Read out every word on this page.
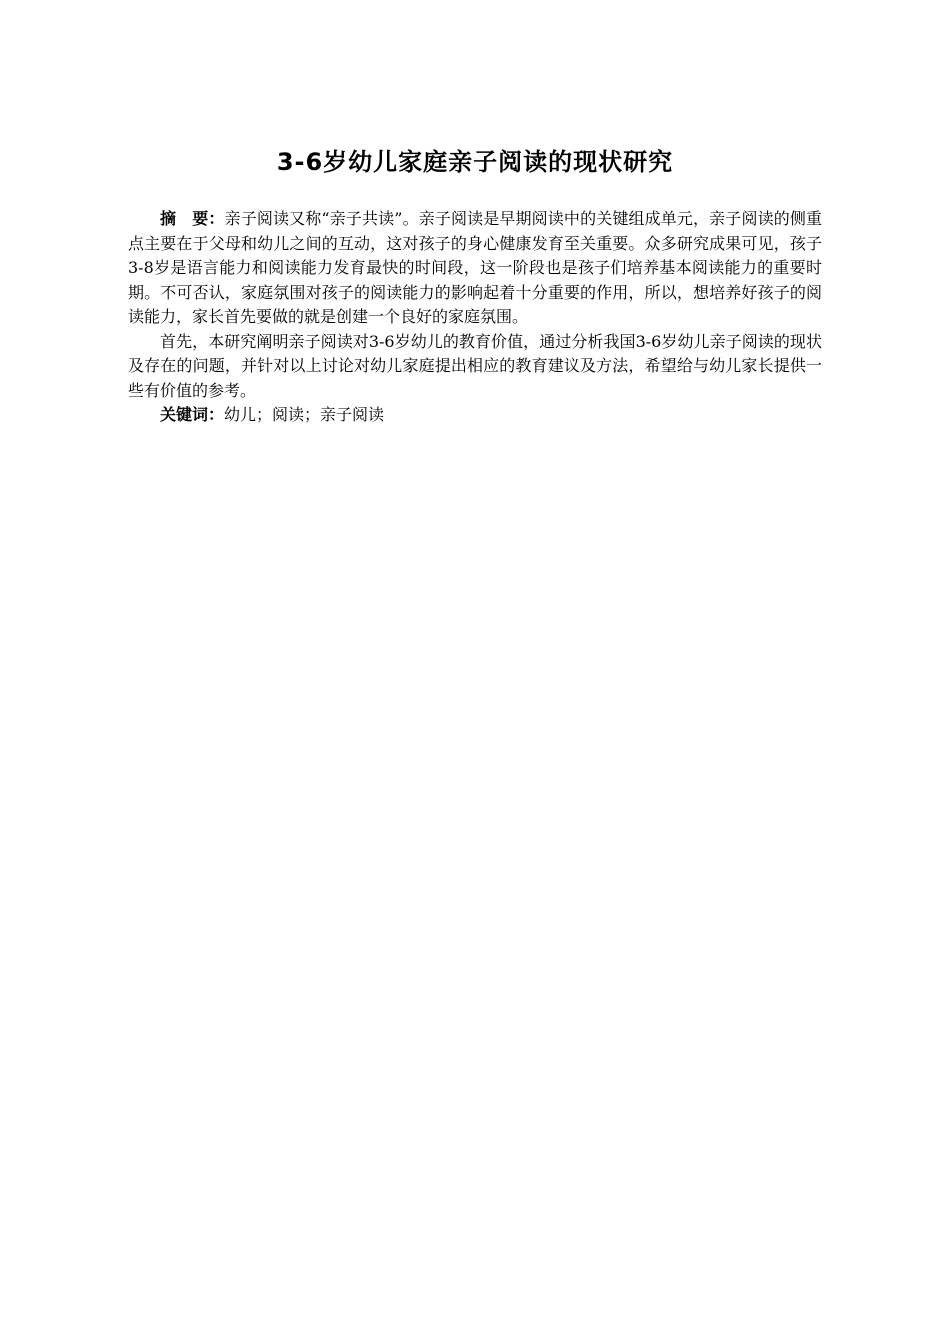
3-6岁幼儿家庭亲子阅读的现状研究

摘　要：亲子阅读又称“亲子共读”。亲子阅读是早期阅读中的关键组成单元，亲子阅读的侧重点主要在于父母和幼儿之间的互动，这对孩子的身心健康发育至关重要。众多研究成果可见，孩子3-8岁是语言能力和阅读能力发育最快的时间段，这一阶段也是孩子们培养基本阅读能力的重要时期。不可否认，家庭氛围对孩子的阅读能力的影响起着十分重要的作用，所以，想培养好孩子的阅读能力，家长首先要做的就是创建一个良好的家庭氛围。

首先，本研究阐明亲子阅读对3-6岁幼儿的教育价值，通过分析我国3-6岁幼儿亲子阅读的现状及存在的问题，并针对以上讨论对幼儿家庭提出相应的教育建议及方法，希望给与幼儿家长提供一些有价值的参考。

关键词：幼儿；阅读；亲子阅读
